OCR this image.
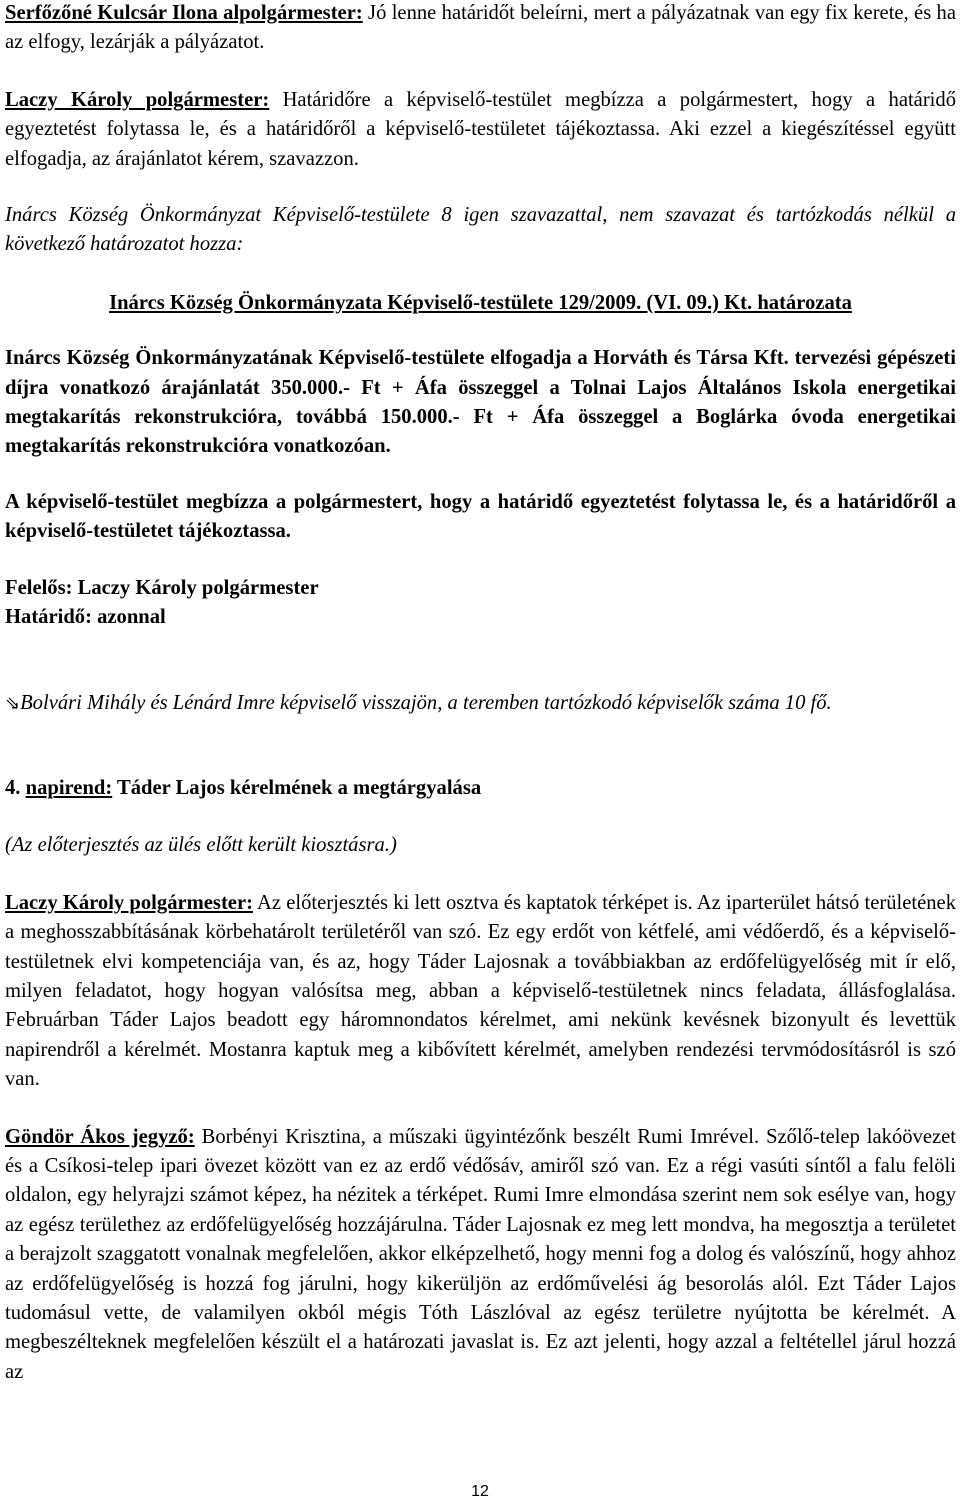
Serfőzőné Kulcsár Ilona alpolgármester: Jó lenne határidőt beleírni, mert a pályázatnak van egy fix kerete, és ha az elfogy, lezárják a pályázatot.

Laczy Károly polgármester: Határidőre a képviselő-testület megbízza a polgármestert, hogy a határidő egyeztetést folytassa le, és a határidőről a képviselő-testületet tájékoztassa. Aki ezzel a kiegészítéssel együtt elfogadja, az árajánlatot kérem, szavazzon.

Inárcs Község Önkormányzat Képviselő-testülete 8 igen szavazattal, nem szavazat és tartózkodás nélkül a következő határozatot hozza:

Inárcs Község Önkormányzata Képviselő-testülete 129/2009. (VI. 09.) Kt. határozata

Inárcs Község Önkormányzatának Képviselő-testülete elfogadja a Horváth és Társa Kft. tervezési gépészeti díjra vonatkozó árajánlatát 350.000.- Ft + Áfa összeggel a Tolnai Lajos Általános Iskola energetikai megtakarítás rekonstrukcióra, továbbá 150.000.- Ft + Áfa összeggel a Boglárka óvoda energetikai megtakarítás rekonstrukcióra vonatkozóan.

A képviselő-testület megbízza a polgármestert, hogy a határidő egyeztetést folytassa le, és a határidőről a képviselő-testületet tájékoztassa.

Felelős: Laczy Károly polgármester

Határidő: azonnal

⇘Bolvári Mihály és Lénárd Imre képviselő visszajön, a teremben tartózkodó képviselők száma 10 fő.

4. napirend: Táder Lajos kérelmének a megtárgyalása

(Az előterjesztés az ülés előtt került kiosztásra.)

Laczy Károly polgármester: Az előterjesztés ki lett osztva és kaptatok térképet is. Az iparterület hátsó területének a meghosszabbításának körbehatárolt területéről van szó. Ez egy erdőt von kétfelé, ami védőerdő, és a képviselő-testületnek elvi kompetenciája van, és az, hogy Táder Lajosnak a továbbiakban az erdőfelügyelőség mit ír elő, milyen feladatot, hogy hogyan valósítsa meg, abban a képviselő-testületnek nincs feladata, állásfoglalása. Februárban Táder Lajos beadott egy háromnondatos kérelmet, ami nekünk kevésnek bizonyult és levettük napirendről a kérelmét. Mostanra kaptuk meg a kibővített kérelmét, amelyben rendezési tervmódosításról is szó van.

Göndör Ákos jegyző: Borbényi Krisztina, a műszaki ügyintézőnk beszélt Rumi Imrével. Szőlő-telep lakóövezet és a Csíkosi-telep ipari övezet között van ez az erdő védősáv, amiről szó van. Ez a régi vasúti síntől a falu felöli oldalon, egy helyrajzi számot képez, ha nézitek a térképet. Rumi Imre elmondása szerint nem sok esélye van, hogy az egész területhez az erdőfelügyelőség hozzájárulna. Táder Lajosnak ez meg lett mondva, ha megosztja a területet a berajzolt szaggatott vonalnak megfelelően, akkor elképzelhető, hogy menni fog a dolog és valószínű, hogy ahhoz az erdőfelügyelőség is hozzá fog járulni, hogy kikerüljön az erdőművelési ág besorolás alól. Ezt Táder Lajos tudomásul vette, de valamilyen okból mégis Tóth Lászlóval az egész területre nyújtotta be kérelmét. A megbeszélteknek megfelelően készült el a határozati javaslat is. Ez azt jelenti, hogy azzal a feltétellel járul hozzá az

12
